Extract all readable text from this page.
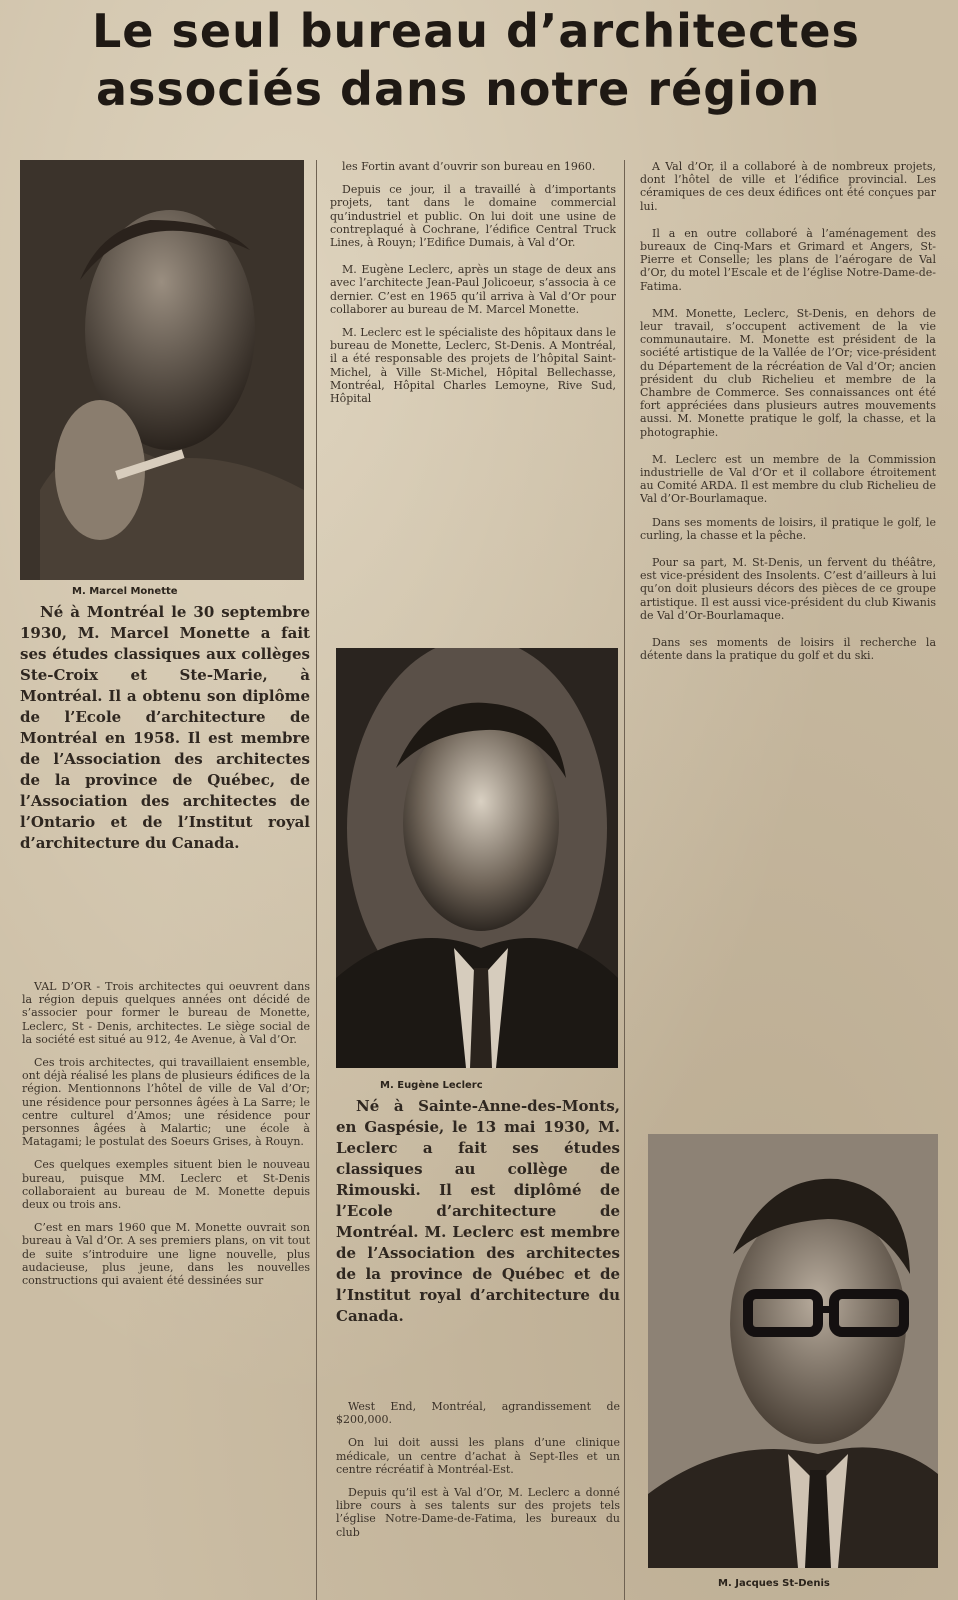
Le seul bureau d’architectes
associés dans notre région
M. Marcel Monette

Né à Montréal le 30 septembre 1930, M. Marcel Monette a fait ses études classiques aux collèges Ste-Croix et Ste-Marie, à Montréal. Il a obtenu son diplôme de l’Ecole d’architecture de Montréal en 1958. Il est membre de l’Association des architectes de la province de Québec, de l’Association des architectes de l’Ontario et de l’Institut royal d’architecture du Canada.

VAL D’OR - Trois architectes qui oeuvrent dans la région depuis quelques années ont décidé de s’associer pour former le bureau de Monette, Leclerc, St - Denis, architectes. Le siège social de la société est situé au 912, 4e Avenue, à Val d’Or.

Ces trois architectes, qui travaillaient ensemble, ont déjà réalisé les plans de plusieurs édifices de la région. Mentionnons l’hôtel de ville de Val d’Or; une résidence pour personnes âgées à La Sarre; le centre culturel d’Amos; une résidence pour personnes âgées à Malartic; une école à Matagami; le postulat des Soeurs Grises, à Rouyn.

Ces quelques exemples situent bien le nouveau bureau, puisque MM. Leclerc et St-Denis collaboraient au bureau de M. Monette depuis deux ou trois ans.

C’est en mars 1960 que M. Monette ouvrait son bureau à Val d’Or. A ses premiers plans, on vit tout de suite s’introduire une ligne nouvelle, plus audacieuse, plus jeune, dans les nouvelles constructions qui avaient été dessinées sur

les Fortin avant d’ouvrir son bureau en 1960.

Depuis ce jour, il a travaillé à d’importants projets, tant dans le domaine commercial qu’industriel et public. On lui doit une usine de contreplaqué à Cochrane, l’édifice Central Truck Lines, à Rouyn; l’Edifice Dumais, à Val d’Or.

M. Eugène Leclerc, après un stage de deux ans avec l’architecte Jean-Paul Jolicoeur, s’associa à ce dernier. C’est en 1965 qu’il arriva à Val d’Or pour collaborer au bureau de M. Marcel Monette.

M. Leclerc est le spécialiste des hôpitaux dans le bureau de Monette, Leclerc, St-Denis. A Montréal, il a été responsable des projets de l’hôpital Saint-Michel, à Ville St-Michel, Hôpital Bellechasse, Montréal, Hôpital Charles Lemoyne, Rive Sud, Hôpital

M. Eugène Leclerc

Né à Sainte-Anne-des-Monts, en Gaspésie, le 13 mai 1930, M. Leclerc a fait ses études classiques au collège de Rimouski. Il est diplômé de l’Ecole d’architecture de Montréal. M. Leclerc est membre de l’Association des architectes de la province de Québec et de l’Institut royal d’architecture du Canada.

West End, Montréal, agrandissement de $200,000.

On lui doit aussi les plans d’une clinique médicale, un centre d’achat à Sept-Iles et un centre récréatif à Montréal-Est.

Depuis qu’il est à Val d’Or, M. Leclerc a donné libre cours à ses talents sur des projets tels l’église Notre-Dame-de-Fatima, les bureaux du club

A Val d’Or, il a collaboré à de nombreux projets, dont l’hôtel de ville et l’édifice provincial. Les céramiques de ces deux édifices ont été conçues par lui.

Il a en outre collaboré à l’aménagement des bureaux de Cinq-Mars et Grimard et Angers, St-Pierre et Conselle; les plans de l’aérogare de Val d’Or, du motel l’Escale et de l’église Notre-Dame-de-Fatima.

MM. Monette, Leclerc, St-Denis, en dehors de leur travail, s’occupent activement de la vie communautaire. M. Monette est président de la société artistique de la Vallée de l’Or; vice-président du Département de la récréation de Val d’Or; ancien président du club Richelieu et membre de la Chambre de Commerce. Ses connaissances ont été fort appréciées dans plusieurs autres mouvements aussi. M. Monette pratique le golf, la chasse, et la photographie.

M. Leclerc est un membre de la Commission industrielle de Val d’Or et il collabore étroitement au Comité ARDA. Il est membre du club Richelieu de Val d’Or-Bourlamaque.

Dans ses moments de loisirs, il pratique le golf, le curling, la chasse et la pêche.

Pour sa part, M. St-Denis, un fervent du théâtre, est vice-président des Insolents. C’est d’ailleurs à lui qu’on doit plusieurs décors des pièces de ce groupe artistique. Il est aussi vice-président du club Kiwanis de Val d’Or-Bourlamaque.

Dans ses moments de loisirs il recherche la détente dans la pratique du golf et du ski.

M. Jacques St-Denis
